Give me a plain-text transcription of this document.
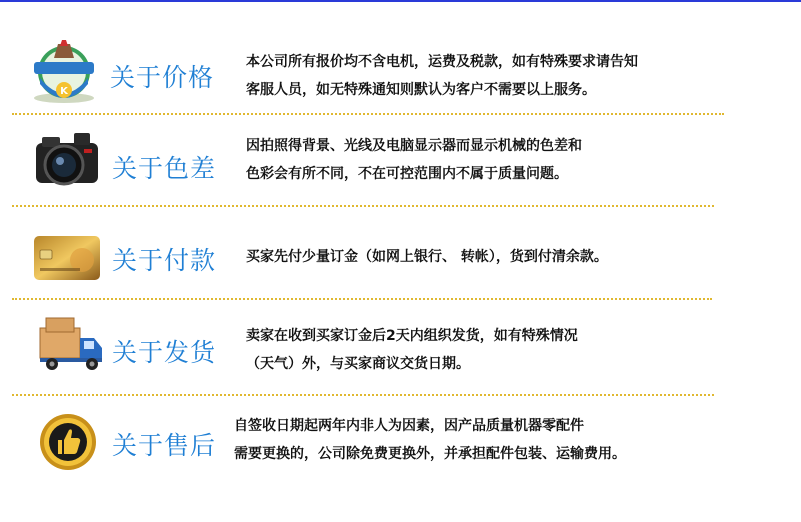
K 关于价格
本公司所有报价均不含电机，运费及税款，如有特殊要求请告知
客服人员，如无特殊通知则默认为客户不需要以上服务。
关于色差
因拍照得背景、光线及电脑显示器而显示机械的色差和
色彩会有所不同，不在可控范围内不属于质量问题。
关于付款 买家先付少量订金（如网上银行、 转帐），货到付清余款。
关于发货
卖家在收到买家订金后2天内组织发货，如有特殊情况
（天气）外，与买家商议交货日期。
关于售后
自签收日期起两年内非人为因素，因产品质量机器零配件
需要更换的，公司除免费更换外，并承担配件包装、运输费用。
